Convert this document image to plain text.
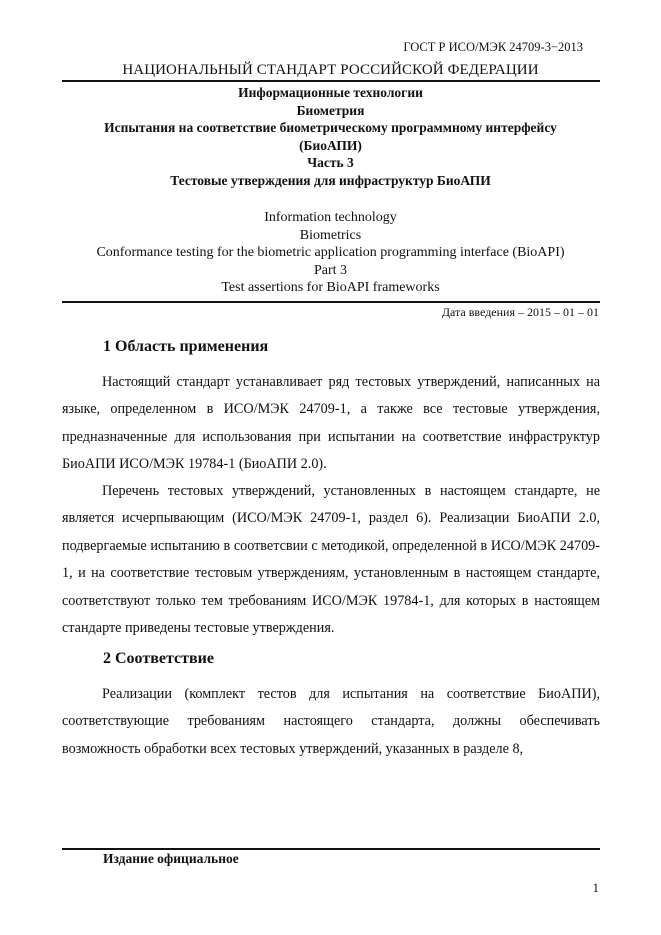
ГОСТ Р ИСО/МЭК 24709-3−2013
НАЦИОНАЛЬНЫЙ СТАНДАРТ РОССИЙСКОЙ ФЕДЕРАЦИИ
Информационные технологии
Биометрия
Испытания на соответствие биометрическому программному интерфейсу
(БиоАПИ)
Часть 3
Тестовые утверждения для инфраструктур БиоАПИ
Information technology
Biometrics
Conformance testing for the biometric application programming interface (BioAPI)
Part 3
Test assertions for BioAPI frameworks
Дата введения – 2015 – 01 – 01
1 Область применения
Настоящий стандарт устанавливает ряд тестовых утверждений, написанных на языке, определенном в ИСО/МЭК 24709-1, а также все тестовые утверждения, предназначенные для использования при испытании на соответствие инфраструктур БиоАПИ ИСО/МЭК 19784-1 (БиоАПИ 2.0).
Перечень тестовых утверждений, установленных в настоящем стандарте, не является исчерпывающим (ИСО/МЭК 24709-1, раздел 6). Реализации БиоАПИ 2.0, подвергаемые испытанию в соответсвии с методикой, определенной в ИСО/МЭК 24709-1, и на соответствие тестовым утверждениям, установленным в настоящем стандарте, соответствуют только тем требованиям ИСО/МЭК 19784-1, для которых в настоящем стандарте приведены тестовые утверждения.
2 Соответствие
Реализации (комплект тестов для испытания на соответствие БиоАПИ), соответствующие требованиям настоящего стандарта, должны обеспечивать возможность обработки всех тестовых утверждений, указанных в разделе 8,
Издание официальное
1
